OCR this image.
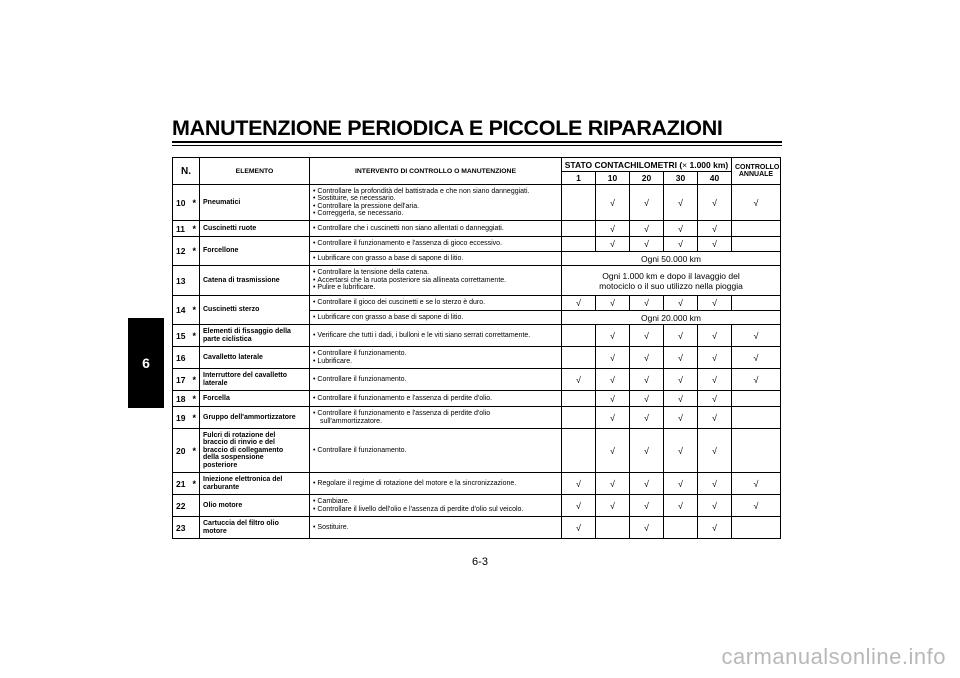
MANUTENZIONE PERIODICA E PICCOLE RIPARAZIONI
6
N.		ELEMENTO	INTERVENTO DI CONTROLLO O MANUTENZIONE	STATO CONTACHILOMETRI (× 1.000 km)					CONTROLLO
ANNUALE

				1	10	20	30	40	
10	*	Pneumatici	• Controllare la profondità del battistrada e che non siano danneggiati.
• Sostituire, se necessario.
• Controllare la pressione dell'aria.
• Correggerla, se necessario.		√	√	√	√	√
11	*	Cuscinetti ruote	• Controllare che i cuscinetti non siano allentati o danneggiati.		√	√	√	√	
12	*	Forcellone	• Controllare il funzionamento e l'assenza di gioco eccessivo.		√	√	√	√	

			• Lubrificare con grasso a base di sapone di litio.	Ogni 50.000 km					
13		Catena di trasmissione	• Controllare la tensione della catena.
• Accertarsi che la ruota posteriore sia allineata correttamente.
• Pulire e lubrificare.	Ogni 1.000 km e dopo il lavaggio del
motociclo o il suo utilizzo nella pioggia					

14	*	Cuscinetti sterzo	• Controllare il gioco dei cuscinetti e se lo sterzo è duro.	√	√	√	√	√	

			• Lubrificare con grasso a base di sapone di litio.	Ogni 20.000 km					
15	*	Elementi di fissaggio della
parte ciclistica	• Verificare che tutti i dadi, i bulloni e le viti siano serrati correttamente.		√	√	√	√	√
16		Cavalletto laterale	• Controllare il funzionamento.
• Lubrificare.		√	√	√	√	√
17	*	Interruttore del cavalletto
laterale	• Controllare il funzionamento.	√	√	√	√	√	√
18	*	Forcella	• Controllare il funzionamento e l'assenza di perdite d'olio.		√	√	√	√	
19	*	Gruppo dell'ammortizzatore	• Controllare il funzionamento e l'assenza di perdite d'olio
sull'ammortizzatore.		√	√	√	√	
20	*	Fulcri di rotazione del
braccio di rinvio e del
braccio di collegamento
della sospensione
posteriore	• Controllare il funzionamento.		√	√	√	√	
21	*	Iniezione elettronica del
carburante	• Regolare il regime di rotazione del motore e la sincronizzazione.	√	√	√	√	√	√
22		Olio motore	• Cambiare.
• Controllare il livello dell'olio e l'assenza di perdite d'olio sul veicolo.	√	√	√	√	√	√
23		Cartuccia del filtro olio
motore	• Sostituire.	√		√		√	
6-3
carmanualsonline.info
